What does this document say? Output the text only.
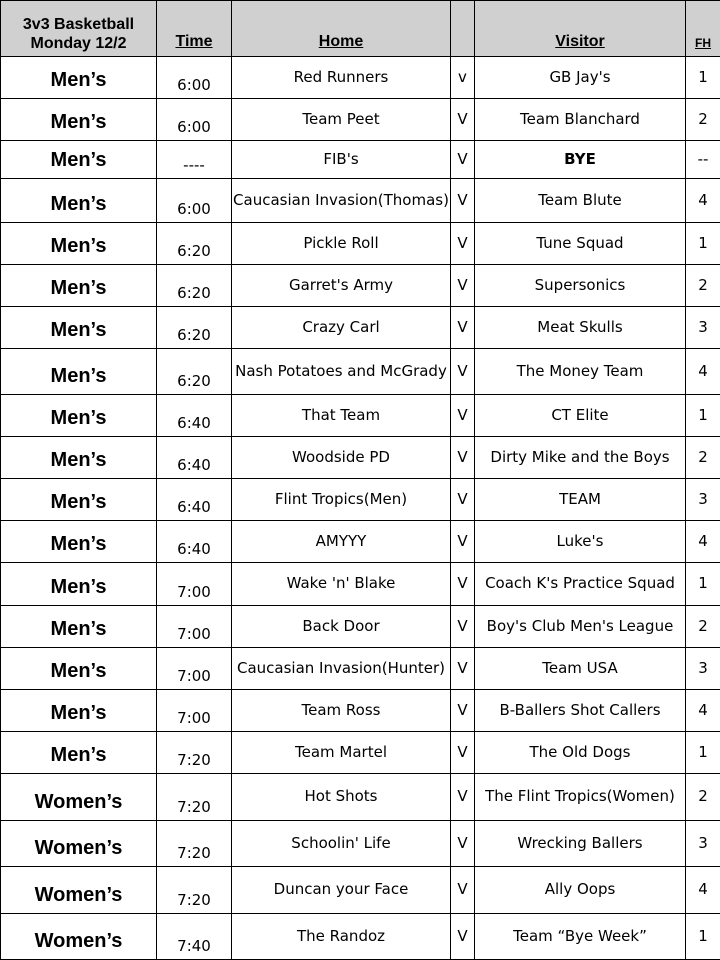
3v3 Basketball
Monday 12/2	Time	Home		Visitor	FH
Men’s	6:00	Red Runners	v	GB Jay's	1
Men’s	6:00	Team Peet	V	Team Blanchard	2
Men’s	----	FIB's	V	BYE	--
Men’s	6:00	Caucasian Invasion(Thomas)	V	Team Blute	4
Men’s	6:20	Pickle Roll	V	Tune Squad	1
Men’s	6:20	Garret's Army	V	Supersonics	2
Men’s	6:20	Crazy Carl	V	Meat Skulls	3
Men’s	6:20	Nash Potatoes and McGrady	V	The Money Team	4
Men’s	6:40	That Team	V	CT Elite	1
Men’s	6:40	Woodside PD	V	Dirty Mike and the Boys	2
Men’s	6:40	Flint Tropics(Men)	V	TEAM	3
Men’s	6:40	AMYYY	V	Luke's	4
Men’s	7:00	Wake 'n' Blake	V	Coach K's Practice Squad	1
Men’s	7:00	Back Door	V	Boy's Club Men's League	2
Men’s	7:00	Caucasian Invasion(Hunter)	V	Team USA	3
Men’s	7:00	Team Ross	V	B-Ballers Shot Callers	4
Men’s	7:20	Team Martel	V	The Old Dogs	1
Women’s	7:20	Hot Shots	V	The Flint Tropics(Women)	2
Women’s	7:20	Schoolin' Life	V	Wrecking Ballers	3
Women’s	7:20	Duncan your Face	V	Ally Oops	4
Women’s	7:40	The Randoz	V	Team “Bye Week”	1
